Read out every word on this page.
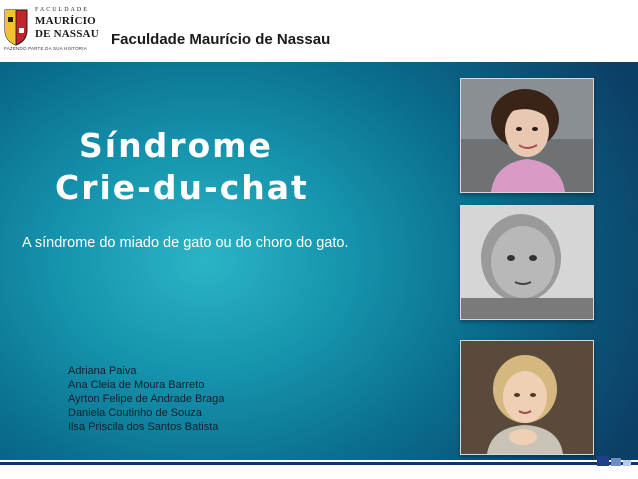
FACULDADE
MAURÍCIO
DE NASSAU
FAZENDO PARTE DA SUA HISTÓRIA
Faculdade Maurício de Nassau
Síndrome
Crie-du-chat
A síndrome do miado de gato ou do choro do gato.
Adriana Paiva
Ana Cleia de Moura Barreto
Ayrton Felipe de Andrade Braga
Daniela Coutinho de Souza
Ilsa Priscila dos Santos Batista
